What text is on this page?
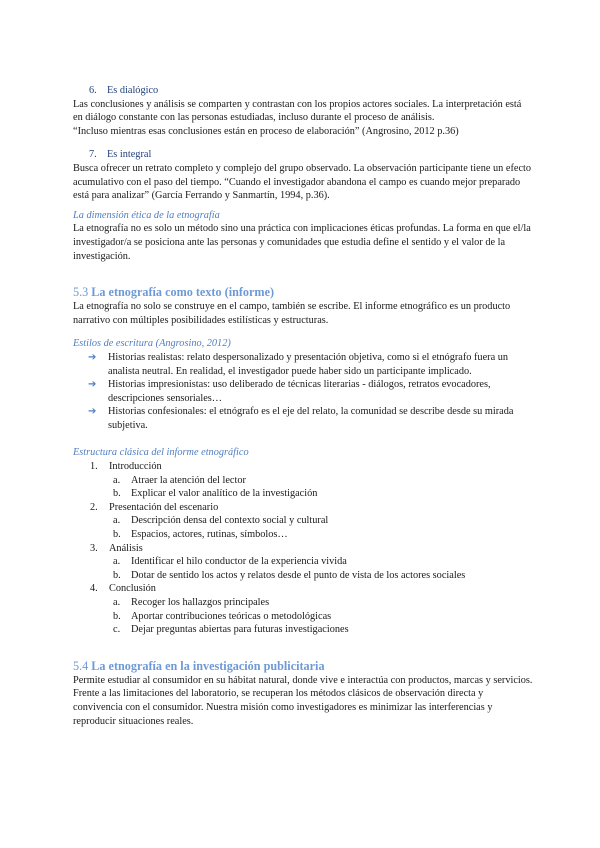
6. Es dialógico

Las conclusiones y análisis se comparten y contrastan con los propios actores sociales. La interpretación está en diálogo constante con las personas estudiadas, incluso durante el proceso de análisis.

“Incluso mientras esas conclusiones están en proceso de elaboración” (Angrosino, 2012 p.36)

7. Es integral

Busca ofrecer un retrato completo y complejo del grupo observado. La observación participante tiene un efecto acumulativo con el paso del tiempo. “Cuando el investigador abandona el campo es cuando mejor preparado está para analizar” (García Ferrando y Sanmartín, 1994, p.36).

La dimensión ética de la etnografía

La etnografía no es solo un método sino una práctica con implicaciones éticas profundas. La forma en que el/la investigador/a se posiciona ante las personas y comunidades que estudia define el sentido y el valor de la investigación.

5.3 La etnografía como texto (informe)

La etnografía no solo se construye en el campo, también se escribe. El informe etnográfico es un producto narrativo con múltiples posibilidades estilísticas y estructuras.

Estilos de escritura (Angrosino, 2012)

➔ Historias realistas: relato despersonalizado y presentación objetiva, como si el etnógrafo fuera un analista neutral. En realidad, el investigador puede haber sido un participante implicado.
➔ Historias impresionistas: uso deliberado de técnicas literarias - diálogos, retratos evocadores, descripciones sensoriales…
➔ Historias confesionales: el etnógrafo es el eje del relato, la comunidad se describe desde su mirada subjetiva.

Estructura clásica del informe etnográfico

1. Introducción
a. Atraer la atención del lector
b. Explicar el valor analítico de la investigación
2. Presentación del escenario
a. Descripción densa del contexto social y cultural
b. Espacios, actores, rutinas, símbolos…
3. Análisis
a. Identificar el hilo conductor de la experiencia vivida
b. Dotar de sentido los actos y relatos desde el punto de vista de los actores sociales
4. Conclusión
a. Recoger los hallazgos principales
b. Aportar contribuciones teóricas o metodológicas
c. Dejar preguntas abiertas para futuras investigaciones

5.4 La etnografía en la investigación publicitaria

Permite estudiar al consumidor en su hábitat natural, donde vive e interactúa con productos, marcas y servicios. Frente a las limitaciones del laboratorio, se recuperan los métodos clásicos de observación directa y convivencia con el consumidor. Nuestra misión como investigadores es minimizar las interferencias y reproducir situaciones reales.
